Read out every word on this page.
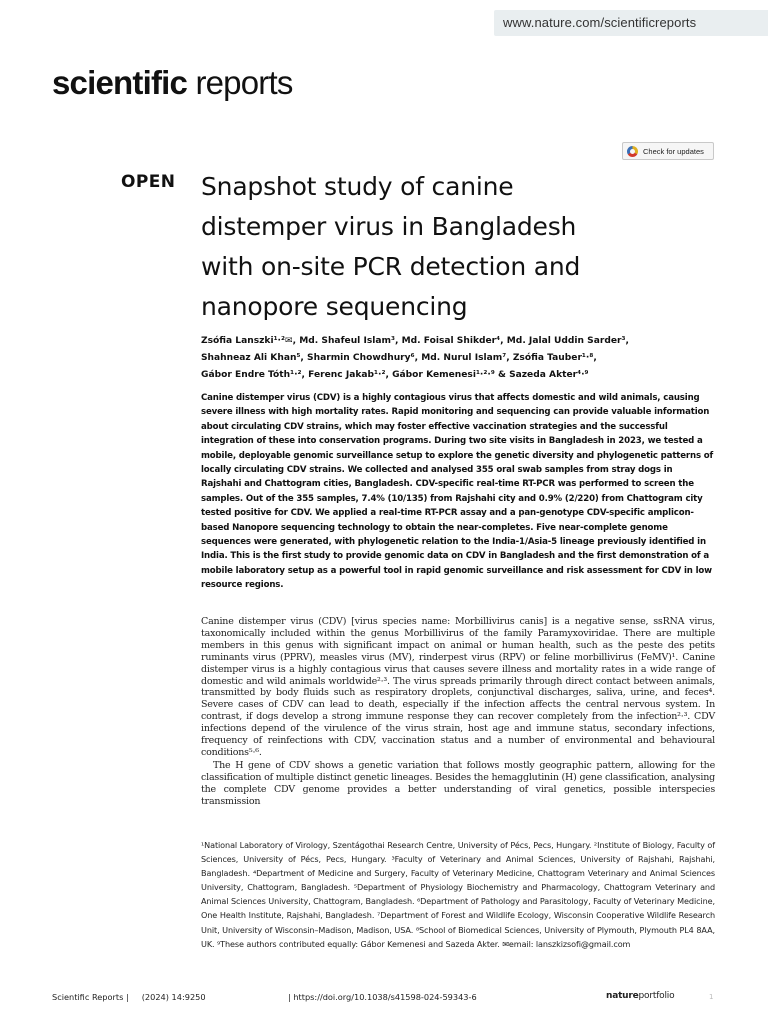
www.nature.com/scientificreports
scientific reports
Check for updates
OPEN Snapshot study of canine distemper virus in Bangladesh with on-site PCR detection and nanopore sequencing
Zsófia Lanszki¹·²✉, Md. Shafeul Islam³, Md. Foisal Shikder⁴, Md. Jalal Uddin Sarder³,
Shahneaz Ali Khan⁵, Sharmin Chowdhury⁶, Md. Nurul Islam⁷, Zsófia Tauber¹·⁸,
Gábor Endre Tóth¹·², Ferenc Jakab¹·², Gábor Kemenesi¹·²·⁹ & Sazeda Akter⁴·⁹
Canine distemper virus (CDV) is a highly contagious virus that affects domestic and wild animals, causing severe illness with high mortality rates. Rapid monitoring and sequencing can provide valuable information about circulating CDV strains, which may foster effective vaccination strategies and the successful integration of these into conservation programs. During two site visits in Bangladesh in 2023, we tested a mobile, deployable genomic surveillance setup to explore the genetic diversity and phylogenetic patterns of locally circulating CDV strains. We collected and analysed 355 oral swab samples from stray dogs in Rajshahi and Chattogram cities, Bangladesh. CDV-specific real-time RT-PCR was performed to screen the samples. Out of the 355 samples, 7.4% (10/135) from Rajshahi city and 0.9% (2/220) from Chattogram city tested positive for CDV. We applied a real-time RT-PCR assay and a pan-genotype CDV-specific amplicon-based Nanopore sequencing technology to obtain the near-completes. Five near-complete genome sequences were generated, with phylogenetic relation to the India-1/Asia-5 lineage previously identified in India. This is the first study to provide genomic data on CDV in Bangladesh and the first demonstration of a mobile laboratory setup as a powerful tool in rapid genomic surveillance and risk assessment for CDV in low resource regions.

Canine distemper virus (CDV) [virus species name: Morbillivirus canis] is a negative sense, ssRNA virus, taxonomically included within the genus Morbillivirus of the family Paramyxoviridae. There are multiple members in this genus with significant impact on animal or human health, such as the peste des petits ruminants virus (PPRV), measles virus (MV), rinderpest virus (RPV) or feline morbillivirus (FeMV)¹. Canine distemper virus is a highly contagious virus that causes severe illness and mortality rates in a wide range of domestic and wild animals worldwide²·³. The virus spreads primarily through direct contact between animals, transmitted by body fluids such as respiratory droplets, conjunctival discharges, saliva, urine, and feces⁴. Severe cases of CDV can lead to death, especially if the infection affects the central nervous system. In contrast, if dogs develop a strong immune response they can recover completely from the infection²·³. CDV infections depend of the virulence of the virus strain, host age and immune status, secondary infections, frequency of reinfections with CDV, vaccination status and a number of environmental and behavioural conditions⁵·⁶.

The H gene of CDV shows a genetic variation that follows mostly geographic pattern, allowing for the classification of multiple distinct genetic lineages. Besides the hemagglutinin (H) gene classification, analysing the complete CDV genome provides a better understanding of viral genetics, possible interspecies transmission

¹National Laboratory of Virology, Szentágothai Research Centre, University of Pécs, Pecs, Hungary. ²Institute of Biology, Faculty of Sciences, University of Pécs, Pecs, Hungary. ³Faculty of Veterinary and Animal Sciences, University of Rajshahi, Rajshahi, Bangladesh. ⁴Department of Medicine and Surgery, Faculty of Veterinary Medicine, Chattogram Veterinary and Animal Sciences University, Chattogram, Bangladesh. ⁵Department of Physiology Biochemistry and Pharmacology, Chattogram Veterinary and Animal Sciences University, Chattogram, Bangladesh. ⁶Department of Pathology and Parasitology, Faculty of Veterinary Medicine, One Health Institute, Rajshahi, Bangladesh. ⁷Department of Forest and Wildlife Ecology, Wisconsin Cooperative Wildlife Research Unit, University of Wisconsin–Madison, Madison, USA. ⁸School of Biomedical Sciences, University of Plymouth, Plymouth PL4 8AA, UK. ⁹These authors contributed equally: Gábor Kemenesi and Sazeda Akter. ✉email: lanszkizsofi@gmail.com
Scientific Reports | (2024) 14:9250	| https://doi.org/10.1038/s41598-024-59343-6	natureportfolio	1
